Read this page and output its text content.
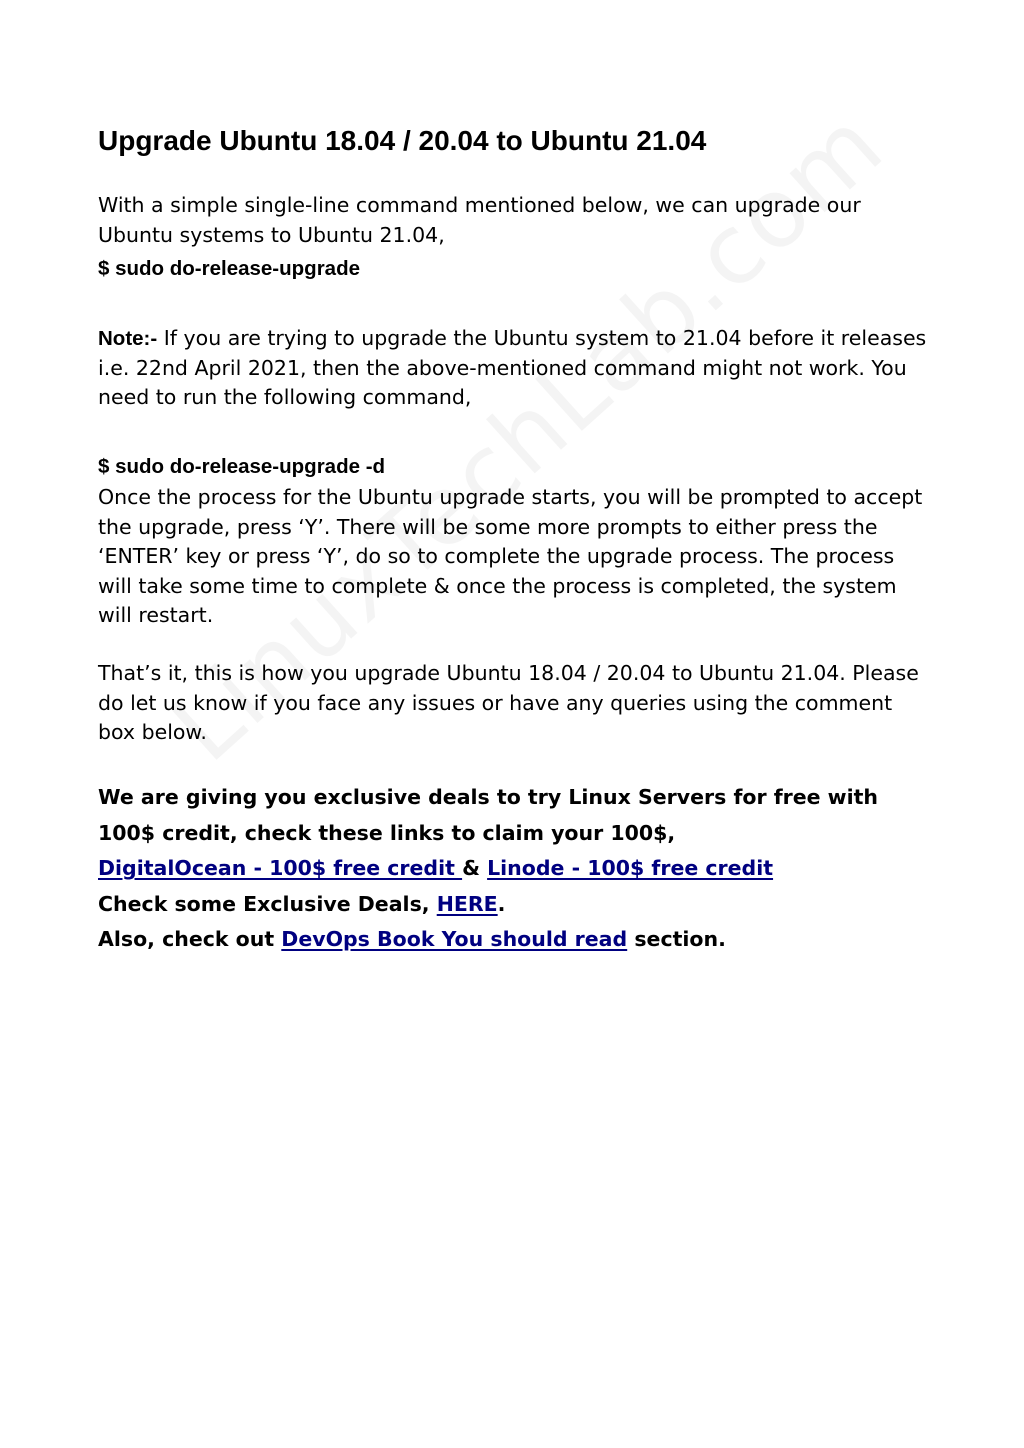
Upgrade Ubuntu 18.04 / 20.04 to Ubuntu 21.04

With a simple single-line command mentioned below, we can upgrade our Ubuntu systems to Ubuntu 21.04,

$ sudo do-release-upgrade

Note:- If you are trying to upgrade the Ubuntu system to 21.04 before it releases i.e. 22nd April 2021, then the above-mentioned command might not work. You need to run the following command,

$ sudo do-release-upgrade -d

Once the process for the Ubuntu upgrade starts, you will be prompted to accept the upgrade, press ‘Y’. There will be some more prompts to either press the ‘ENTER’ key or press ‘Y’, do so to complete the upgrade process. The process will take some time to complete & once the process is completed, the system will restart.

That’s it, this is how you upgrade Ubuntu 18.04 / 20.04 to Ubuntu 21.04. Please do let us know if you face any issues or have any queries using the comment box below.

We are giving you exclusive deals to try Linux Servers for free with
100$ credit, check these links to claim your 100$,
DigitalOcean - 100$ free credit & Linode - 100$ free credit
Check some Exclusive Deals, HERE.
Also, check out DevOps Book You should read section.
